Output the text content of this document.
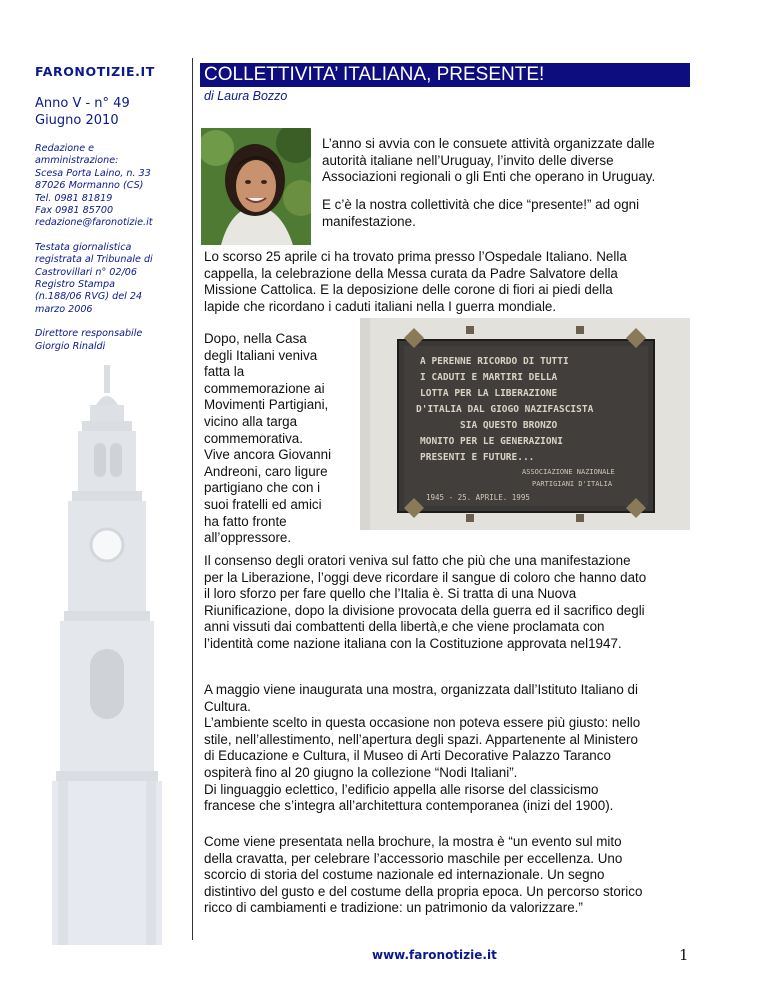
FARONOTIZIE.IT
Anno V - n° 49
Giugno 2010
Redazione e
amministrazione:
Scesa Porta Laino, n. 33
87026 Mormanno (CS)
Tel. 0981 81819
Fax 0981 85700
redazione@faronotizie.it
Testata giornalistica
registrata al Tribunale di
Castrovillari n° 02/06
Registro Stampa
(n.188/06 RVG) del 24
marzo 2006
Direttore responsabile
Giorgio Rinaldi
COLLETTIVITA’ ITALIANA, PRESENTE!
di Laura Bozzo
L’anno si avvia con le consuete attività organizzate dalle
autorità italiane nell’Uruguay, l’invito delle diverse
Associazioni regionali o gli Enti che operano in Uruguay.
E c’è la nostra collettività che dice “presente!” ad ogni
manifestazione.
Lo scorso 25 aprile ci ha trovato prima presso l’Ospedale Italiano. Nella
cappella, la celebrazione della Messa curata da Padre Salvatore della
Missione Cattolica. E la deposizione delle corone di fiori ai piedi della
lapide che ricordano i caduti italiani nella I guerra mondiale.
Dopo, nella Casa
degli Italiani veniva
fatta la
commemorazione ai
Movimenti Partigiani,
vicino alla targa
commemorativa.
Vive ancora Giovanni
Andreoni, caro ligure
partigiano che con i
suoi fratelli ed amici
ha fatto fronte
all’oppressore.
A PERENNE RICORDO DI TUTTI
I CADUTI E MARTIRI DELLA
LOTTA PER LA LIBERAZIONE
D'ITALIA DAL GIOGO NAZIFASCISTA
SIA QUESTO BRONZO
MONITO PER LE GENERAZIONI
PRESENTI E FUTURE...
ASSOCIAZIONE NAZIONALE
PARTIGIANI D'ITALIA
1945 - 25. APRILE. 1995
Il consenso degli oratori veniva sul fatto che più che una manifestazione
per la Liberazione, l’oggi deve ricordare il sangue di coloro che hanno dato
il loro sforzo per fare quello che l’Italia è. Si tratta di una Nuova
Riunificazione, dopo la divisione provocata della guerra ed il sacrifico degli
anni vissuti dai combattenti della libertà,e che viene proclamata con
l’identità come nazione italiana con la Costituzione approvata nel1947.
A maggio viene inaugurata una mostra, organizzata dall’Istituto Italiano di
Cultura.
L’ambiente scelto in questa occasione non poteva essere più giusto: nello
stile, nell’allestimento, nell’apertura degli spazi. Appartenente al Ministero
di Educazione e Cultura, il Museo di Arti Decorative Palazzo Taranco
ospiterà fino al 20 giugno la collezione “Nodi Italiani”.
Di linguaggio eclettico, l’edificio appella alle risorse del classicismo
francese che s’integra all’architettura contemporanea (inizi del 1900).
Come viene presentata nella brochure, la mostra è “un evento sul mito
della cravatta, per celebrare l’accessorio maschile per eccellenza. Uno
scorcio di storia del costume nazionale ed internazionale. Un segno
distintivo del gusto e del costume della propria epoca. Un percorso storico
ricco di cambiamenti e tradizione: un patrimonio da valorizzare.”
www.faronotizie.it	1
